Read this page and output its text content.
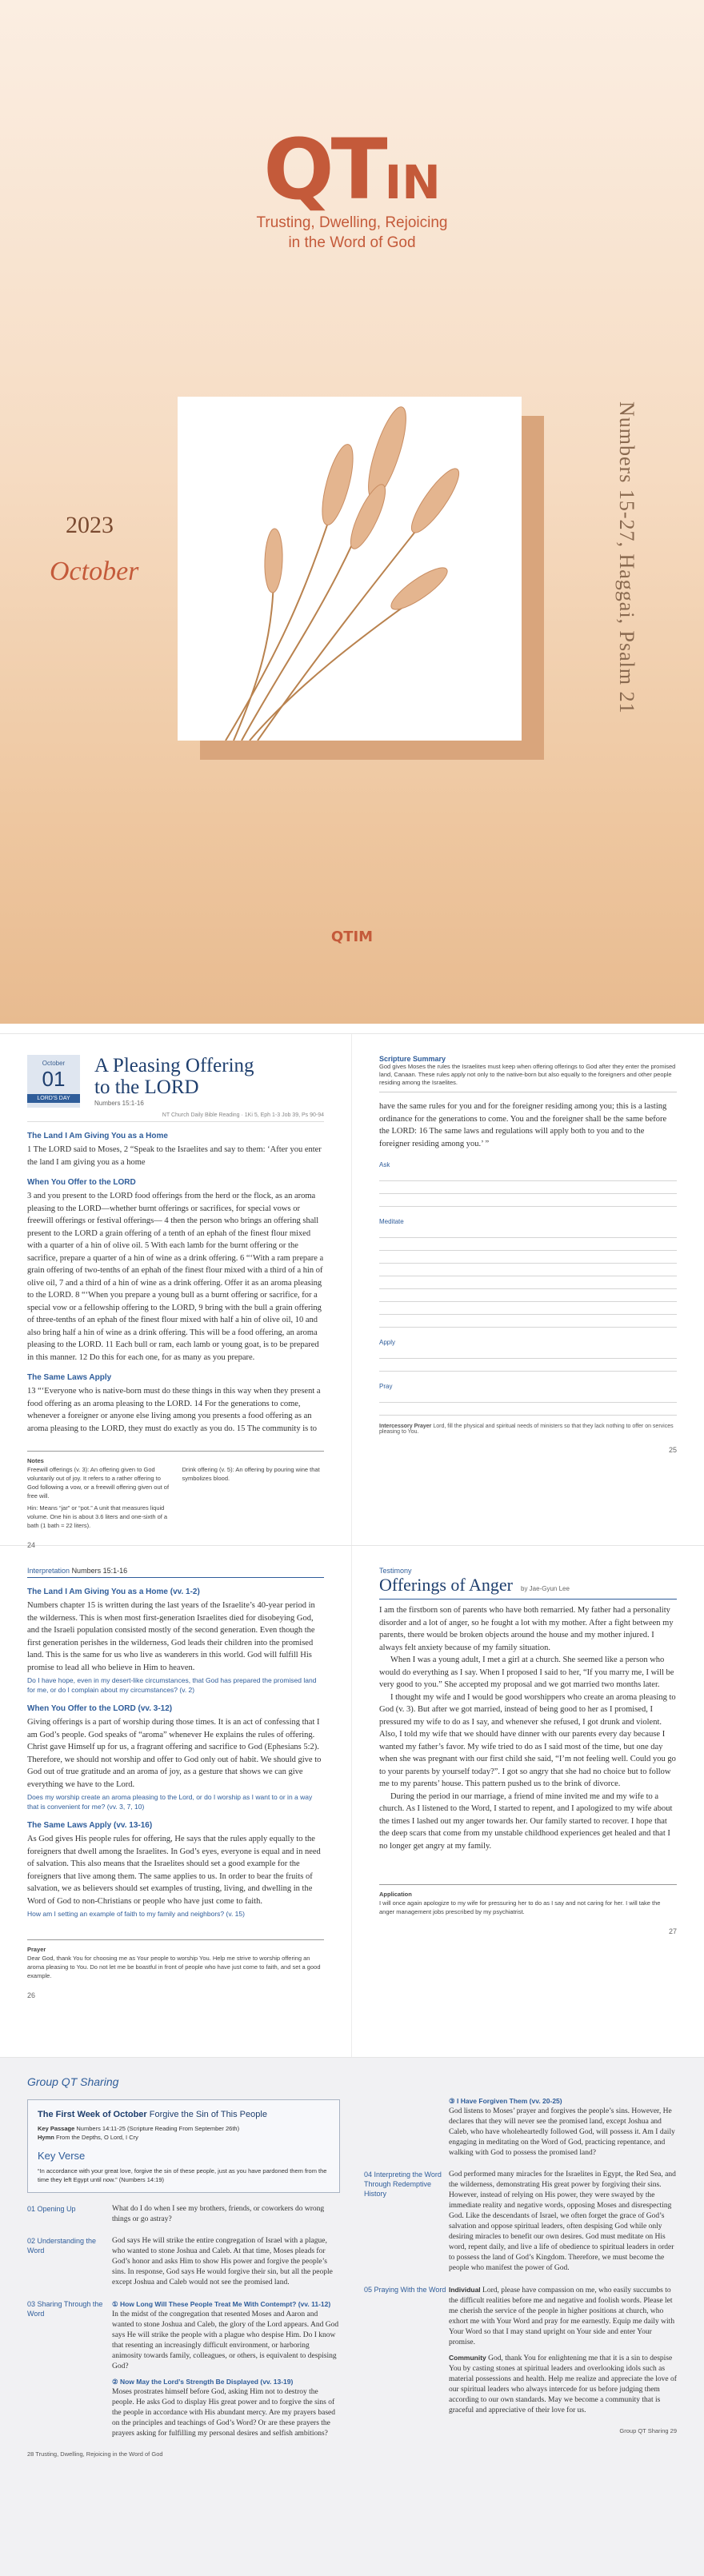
QTIN
Trusting, Dwelling, Rejoicing
in the Word of God
2023
October	Numbers 15-27, Haggai, Psalm 21
QTIM
October
01
LORD'S DAY
A Pleasing Offering
to the LORD
Numbers 15:1-16
NT Church Daily Bible Reading · 1Ki 5, Eph 1-3 Job 39, Ps 90-94
The Land I Am Giving You as a Home

1 The LORD said to Moses, 2 “Speak to the Israelites and say to them: ‘After you enter the land I am giving you as a home

When You Offer to the LORD

3 and you present to the LORD food offerings from the herd or the flock, as an aroma pleasing to the LORD—whether burnt offerings or sacrifices, for special vows or freewill offerings or festival offerings— 4 then the person who brings an offering shall present to the LORD a grain offering of a tenth of an ephah of the finest flour mixed with a quarter of a hin of olive oil. 5 With each lamb for the burnt offering or the sacrifice, prepare a quarter of a hin of wine as a drink offering. 6 “‘With a ram prepare a grain offering of two-tenths of an ephah of the finest flour mixed with a third of a hin of olive oil, 7 and a third of a hin of wine as a drink offering. Offer it as an aroma pleasing to the LORD. 8 “‘When you prepare a young bull as a burnt offering or sacrifice, for a special vow or a fellowship offering to the LORD, 9 bring with the bull a grain offering of three-tenths of an ephah of the finest flour mixed with half a hin of olive oil, 10 and also bring half a hin of wine as a drink offering. This will be a food offering, an aroma pleasing to the LORD. 11 Each bull or ram, each lamb or young goat, is to be prepared in this manner. 12 Do this for each one, for as many as you prepare.

The Same Laws Apply

13 “‘Everyone who is native-born must do these things in this way when they present a food offering as an aroma pleasing to the LORD. 14 For the generations to come, whenever a foreigner or anyone else living among you presents a food offering as an aroma pleasing to the LORD, they must do exactly as you do. 15 The community is to

Notes
Freewill offerings (v. 3): An offering given to God voluntarily out of joy. It refers to a rather offering to God following a vow, or a freewill offering given out of free will.
Hin: Means “jar” or “pot.” A unit that measures liquid volume. One hin is about 3.6 liters and one-sixth of a bath (1 bath ≈ 22 liters).
Drink offering (v. 5): An offering by pouring wine that symbolizes blood.
24
Scripture Summary
God gives Moses the rules the Israelites must keep when offering offerings to God after they enter the promised land, Canaan. These rules apply not only to the native-born but also equally to the foreigners and other people residing among the Israelites.

have the same rules for you and for the foreigner residing among you; this is a lasting ordinance for the generations to come. You and the foreigner shall be the same before the LORD: 16 The same laws and regulations will apply both to you and to the foreigner residing among you.’ ”

Ask
Meditate
Apply
Pray
Intercessory Prayer Lord, fill the physical and spiritual needs of ministers so that they lack nothing to offer on services pleasing to You.
25
Interpretation Numbers 15:1-16
The Land I Am Giving You as a Home (vv. 1-2)

Numbers chapter 15 is written during the last years of the Israelite’s 40-year period in the wilderness. This is when most first-generation Israelites died for disobeying God, and the Israeli population consisted mostly of the second generation. Even though the first generation perishes in the wilderness, God leads their children into the promised land. This is the same for us who live as wanderers in this world. God will fulfill His promise to lead all who believe in Him to heaven.

Do I have hope, even in my desert-like circumstances, that God has prepared the promised land for me, or do I complain about my circumstances? (v. 2)

When You Offer to the LORD (vv. 3-12)

Giving offerings is a part of worship during those times. It is an act of confessing that I am God’s people. God speaks of “aroma” whenever He explains the rules of offering. Christ gave Himself up for us, a fragrant offering and sacrifice to God (Ephesians 5:2). Therefore, we should not worship and offer to God only out of habit. We should give to God out of true gratitude and an aroma of joy, as a gesture that shows we can give everything we have to the Lord.

Does my worship create an aroma pleasing to the Lord, or do I worship as I want to or in a way that is convenient for me? (vv. 3, 7, 10)

The Same Laws Apply (vv. 13-16)

As God gives His people rules for offering, He says that the rules apply equally to the foreigners that dwell among the Israelites. In God’s eyes, everyone is equal and in need of salvation. This also means that the Israelites should set a good example for the foreigners that live among them. The same applies to us. In order to bear the fruits of salvation, we as believers should set examples of trusting, living, and dwelling in the Word of God to non-Christians or people who have just come to faith.

How am I setting an example of faith to my family and neighbors? (v. 15)

Prayer
Dear God, thank You for choosing me as Your people to worship You. Help me strive to worship offering an aroma pleasing to You. Do not let me be boastful in front of people who have just come to faith, and set a good example.
26
Testimony
Offerings of Anger by Jae-Gyun Lee

I am the firstborn son of parents who have both remarried. My father had a personality disorder and a lot of anger, so he fought a lot with my mother. After a fight between my parents, there would be broken objects around the house and my mother injured. I always felt anxiety because of my family situation.

When I was a young adult, I met a girl at a church. She seemed like a person who would do everything as I say. When I proposed I said to her, “If you marry me, I will be very good to you.” She accepted my proposal and we got married two months later.

I thought my wife and I would be good worshippers who create an aroma pleasing to God (v. 3). But after we got married, instead of being good to her as I promised, I pressured my wife to do as I say, and whenever she refused, I got drunk and violent. Also, I told my wife that we should have dinner with our parents every day because I wanted my father’s favor. My wife tried to do as I said most of the time, but one day when she was pregnant with our first child she said, “I’m not feeling well. Could you go to your parents by yourself today?”. I got so angry that she had no choice but to follow me to my parents’ house. This pattern pushed us to the brink of divorce.

During the period in our marriage, a friend of mine invited me and my wife to a church. As I listened to the Word, I started to repent, and I apologized to my wife about the times I lashed out my anger towards her. Our family started to recover. I hope that the deep scars that come from my unstable childhood experiences get healed and that I no longer get angry at my family.

Application
I will once again apologize to my wife for pressuring her to do as I say and not caring for her. I will take the anger management jobs prescribed by my psychiatrist.
27
Group QT Sharing
The First Week of October Forgive the Sin of This People
Key Passage Numbers 14:11-25 (Scripture Reading From September 26th)
Hymn From the Depths, O Lord, I Cry
Key Verse
“In accordance with your great love, forgive the sin of these people, just as you have pardoned them from the time they left Egypt until now.” (Numbers 14:19)
01 Opening Up	What do I do when I see my brothers, friends, or coworkers do wrong things or go astray?
02 Understanding the Word
God says He will strike the entire congregation of Israel with a plague, who wanted to stone Joshua and Caleb. At that time, Moses pleads for God’s honor and asks Him to show His power and forgive the people’s sins. In response, God says He would forgive their sin, but all the people except Joshua and Caleb would not see the promised land.
03 Sharing Through the Word
① How Long Will These People Treat Me With Contempt? (vv. 11-12)
In the midst of the congregation that resented Moses and Aaron and wanted to stone Joshua and Caleb, the glory of the Lord appears. And God says He will strike the people with a plague who despise Him. Do I know that resenting an increasingly difficult environment, or harboring animosity towards family, colleagues, or others, is equivalent to despising God?
② Now May the Lord’s Strength Be Displayed (vv. 13-19)
Moses prostrates himself before God, asking Him not to destroy the people. He asks God to display His great power and to forgive the sins of the people in accordance with His abundant mercy. Are my prayers based on the principles and teachings of God’s Word? Or are these prayers the prayers asking for fulfilling my personal desires and selfish ambitions?
28 Trusting, Dwelling, Rejoicing in the Word of God
③ I Have Forgiven Them (vv. 20-25)
God listens to Moses’ prayer and forgives the people’s sins. However, He declares that they will never see the promised land, except Joshua and Caleb, who have wholeheartedly followed God, will possess it. Am I daily engaging in meditating on the Word of God, practicing repentance, and walking with God to possess the promised land?
04 Interpreting the Word Through Redemptive History
God performed many miracles for the Israelites in Egypt, the Red Sea, and the wilderness, demonstrating His great power by forgiving their sins. However, instead of relying on His power, they were swayed by the immediate reality and negative words, opposing Moses and disrespecting God. Like the descendants of Israel, we often forget the grace of God’s salvation and oppose spiritual leaders, often despising God while only desiring miracles to benefit our own desires. God must meditate on His word, repent daily, and live a life of obedience to spiritual leaders in order to possess the land of God’s Kingdom. Therefore, we must become the people who manifest the power of God.
05 Praying With the Word Individual Lord, please have compassion on me, who easily succumbs to the difficult realities before me and negative and foolish words. Please let me cherish the service of the people in higher positions at church, who exhort me with Your Word and pray for me earnestly. Equip me daily with Your Word so that I may stand upright on Your side and enter Your promise.
Community God, thank You for enlightening me that it is a sin to despise You by casting stones at spiritual leaders and overlooking idols such as material possessions and health. Help me realize and appreciate the love of our spiritual leaders who always intercede for us before judging them according to our own standards. May we become a community that is graceful and appreciative of their love for us.
Group QT Sharing 29
